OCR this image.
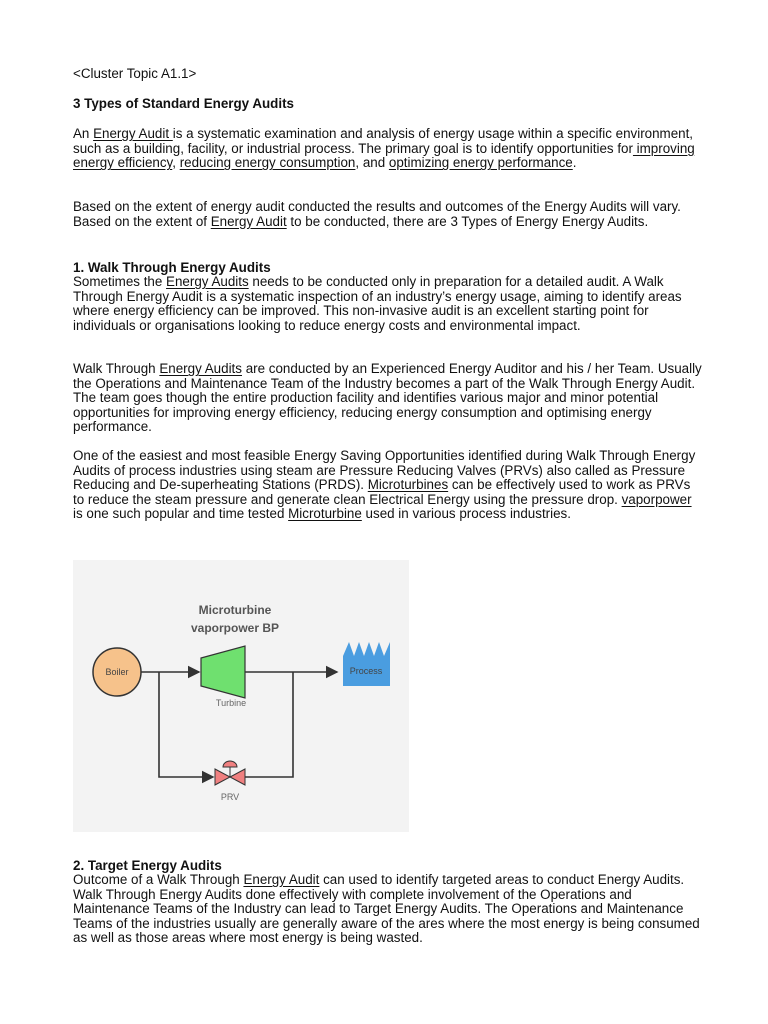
<Cluster Topic A1.1>

3 Types of Standard Energy Audits

An Energy Audit is a systematic examination and analysis of energy usage within a specific environment, such as a building, facility, or industrial process. The primary goal is to identify opportunities for improving energy efficiency, reducing energy consumption, and optimizing energy performance.

Based on the extent of energy audit conducted the results and outcomes of the Energy Audits will vary. Based on the extent of Energy Audit to be conducted, there are 3 Types of Energy Energy Audits.

1. Walk Through Energy Audits

Sometimes the Energy Audits needs to be conducted only in preparation for a detailed audit. A Walk Through Energy Audit is a systematic inspection of an industry’s energy usage, aiming to identify areas where energy efficiency can be improved. This non-invasive audit is an excellent starting point for individuals or organisations looking to reduce energy costs and environmental impact.

Walk Through Energy Audits are conducted by an Experienced Energy Auditor and his / her Team. Usually the Operations and Maintenance Team of the Industry becomes a part of the Walk Through Energy Audit. The team goes though the entire production facility and identifies various major and minor potential opportunities for improving energy efficiency, reducing energy consumption and optimising energy performance.

One of the easiest and most feasible Energy Saving Opportunities identified during Walk Through Energy Audits of process industries using steam are Pressure Reducing Valves (PRVs) also called as Pressure Reducing and De-superheating Stations (PRDS). Microturbines can be effectively used to work as PRVs to reduce the steam pressure and generate clean Electrical Energy using the pressure drop. vaporpower is one such popular and time tested Microturbine used in various process industries.

Microturbine
vaporpower BP
Boiler
Turbine
Process
PRV

2. Target Energy Audits

Outcome of a Walk Through Energy Audit can used to identify targeted areas to conduct Energy Audits. Walk Through Energy Audits done effectively with complete involvement of the Operations and Maintenance Teams of the Industry can lead to Target Energy Audits. The Operations and Maintenance Teams of the industries usually are generally aware of the ares where the most energy is being consumed as well as those areas where most energy is being wasted.
